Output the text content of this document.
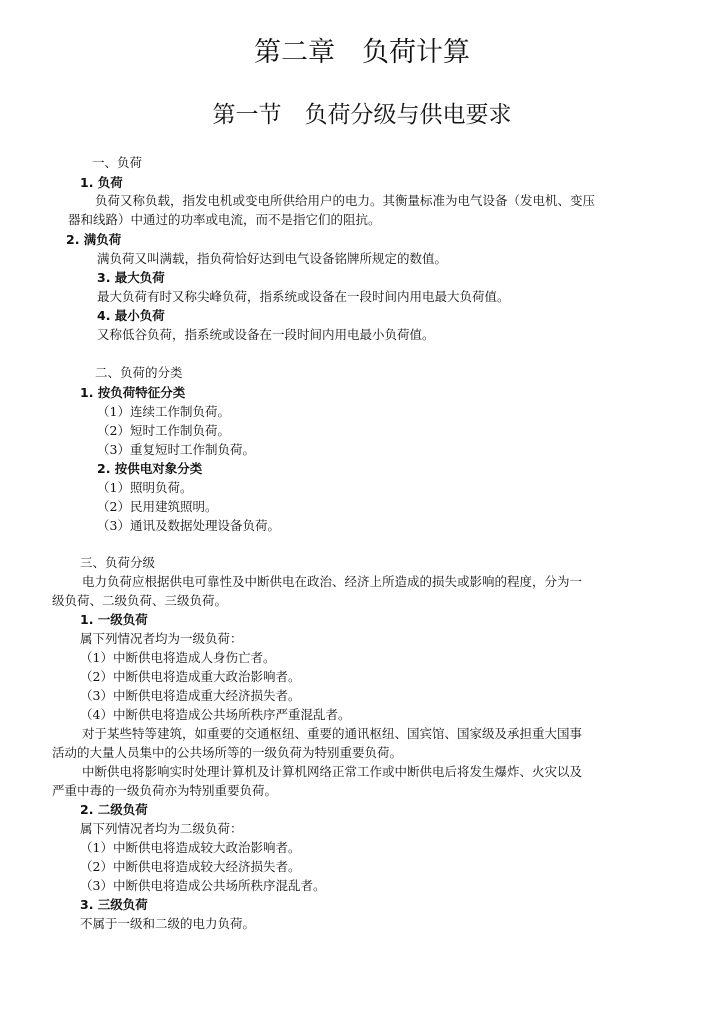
第二章　负荷计算
第一节　负荷分级与供电要求
一、负荷
1. 负荷
负荷又称负载，指发电机或变电所供给用户的电力。其衡量标准为电气设备（发电机、变压
器和线路）中通过的功率或电流，而不是指它们的阻抗。
2. 满负荷
满负荷又叫满载，指负荷恰好达到电气设备铭牌所规定的数值。
3. 最大负荷
最大负荷有时又称尖峰负荷，指系统或设备在一段时间内用电最大负荷值。
4. 最小负荷
又称低谷负荷，指系统或设备在一段时间内用电最小负荷值。
二、负荷的分类
1. 按负荷特征分类
（1）连续工作制负荷。
（2）短时工作制负荷。
（3）重复短时工作制负荷。
2. 按供电对象分类
（1）照明负荷。
（2）民用建筑照明。
（3）通讯及数据处理设备负荷。
三、负荷分级
电力负荷应根据供电可靠性及中断供电在政治、经济上所造成的损失或影响的程度，分为一
级负荷、二级负荷、三级负荷。
1. 一级负荷
属下列情况者均为一级负荷：
（1）中断供电将造成人身伤亡者。
（2）中断供电将造成重大政治影响者。
（3）中断供电将造成重大经济损失者。
（4）中断供电将造成公共场所秩序严重混乱者。
对于某些特等建筑，如重要的交通枢纽、重要的通讯枢纽、国宾馆、国家级及承担重大国事
活动的大量人员集中的公共场所等的一级负荷为特别重要负荷。
中断供电将影响实时处理计算机及计算机网络正常工作或中断供电后将发生爆炸、火灾以及
严重中毒的一级负荷亦为特别重要负荷。
2. 二级负荷
属下列情况者均为二级负荷：
（1）中断供电将造成较大政治影响者。
（2）中断供电将造成较大经济损失者。
（3）中断供电将造成公共场所秩序混乱者。
3. 三级负荷
不属于一级和二级的电力负荷。
